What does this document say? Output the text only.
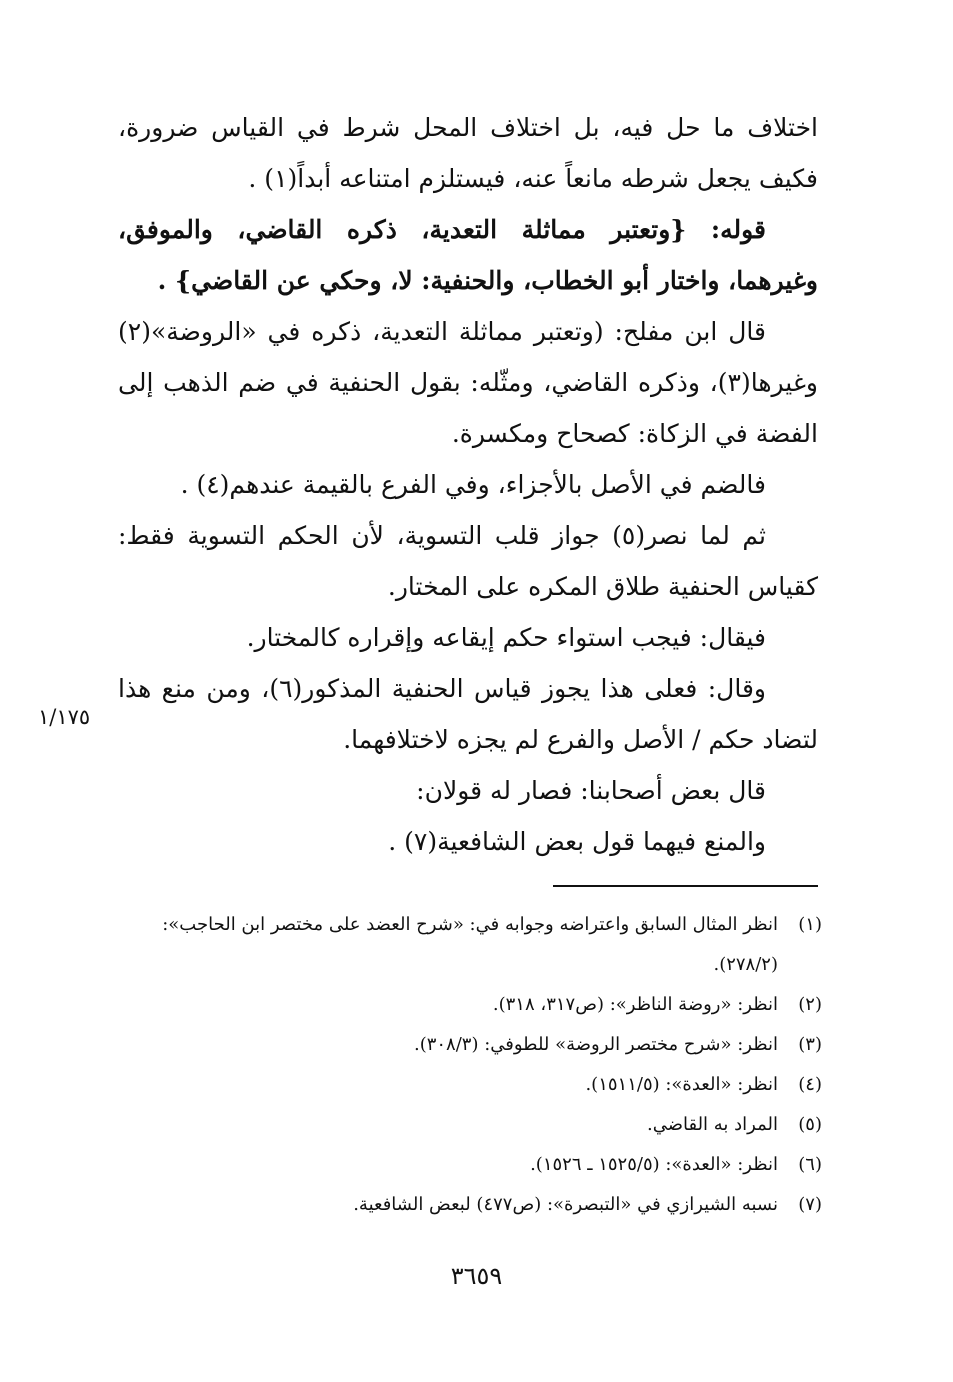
اختلاف ما حل فيه، بل اختلاف المحل شرط في القياس ضرورة، فكيف يجعل شرطه مانعاً عنه، فيستلزم امتناعه أبداً(١) .

قوله: {وتعتبر مماثلة التعدية، ذكره القاضي، والموفق، وغيرهما، واختار أبو الخطاب، والحنفية: لا، وحكي عن القاضي} .

قال ابن مفلح: (وتعتبر مماثلة التعدية، ذكره في «الروضة»(٢) وغيرها(٣)، وذكره القاضي، ومثّله: بقول الحنفية في ضم الذهب إلى الفضة في الزكاة: كصحاح ومكسرة.

فالضم في الأصل بالأجزاء، وفي الفرع بالقيمة عندهم(٤) .

ثم لما نصر(٥) جواز قلب التسوية، لأن الحكم التسوية فقط: كقياس الحنفية طلاق المكره على المختار.

فيقال: فيجب استواء حكم إيقاعه وإقراره كالمختار.

وقال: فعلى هذا يجوز قياس الحنفية المذكور(٦)، ومن منع هذا لتضاد حكم / الأصل والفرع لم يجزه لاختلافهما.

قال بعض أصحابنا: فصار له قولان:

والمنع فيهما قول بعض الشافعية(٧) .

١/١٧٥
(١)
انظر المثال السابق واعتراضه وجوابه في: «شرح العضد على مختصر ابن الحاجب»: (٢٧٨/٢).
(٢)
انظر: «روضة الناظر»: (ص٣١٧، ٣١٨).
(٣)
انظر: «شرح مختصر الروضة» للطوفي: (٣٠٨/٣).
(٤)
انظر: «العدة»: (١٥١١/٥).
(٥)
المراد به القاضي.
(٦)
انظر: «العدة»: (١٥٢٥/٥ ـ ١٥٢٦).
(٧)
نسبه الشيرازي في «التبصرة»: (ص٤٧٧) لبعض الشافعية.
٣٦٥٩
